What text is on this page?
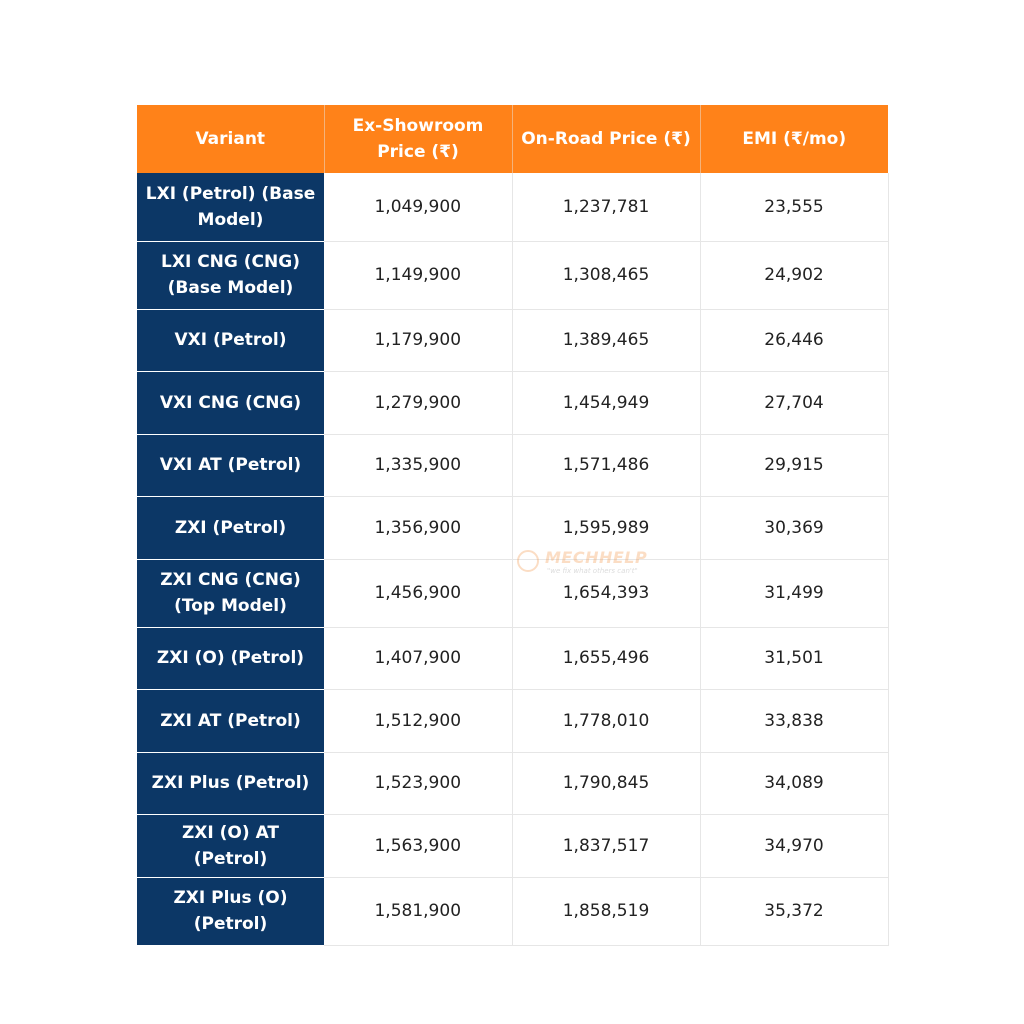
Variant	Ex-Showroom Price (₹)	On-Road Price (₹)	EMI (₹/mo)
LXI (Petrol) (Base Model)	1,049,900	1,237,781	23,555
LXI CNG (CNG) (Base Model)	1,149,900	1,308,465	24,902
VXI (Petrol)	1,179,900	1,389,465	26,446
VXI CNG (CNG)	1,279,900	1,454,949	27,704
VXI AT (Petrol)	1,335,900	1,571,486	29,915
ZXI (Petrol)	1,356,900	1,595,989	30,369
ZXI CNG (CNG) (Top Model)	1,456,900	1,654,393	31,499
ZXI (O) (Petrol)	1,407,900	1,655,496	31,501
ZXI AT (Petrol)	1,512,900	1,778,010	33,838
ZXI Plus (Petrol)	1,523,900	1,790,845	34,089
ZXI (O) AT (Petrol)	1,563,900	1,837,517	34,970
ZXI Plus (O) (Petrol)	1,581,900	1,858,519	35,372
MECHHELP
"we fix what others can't"
